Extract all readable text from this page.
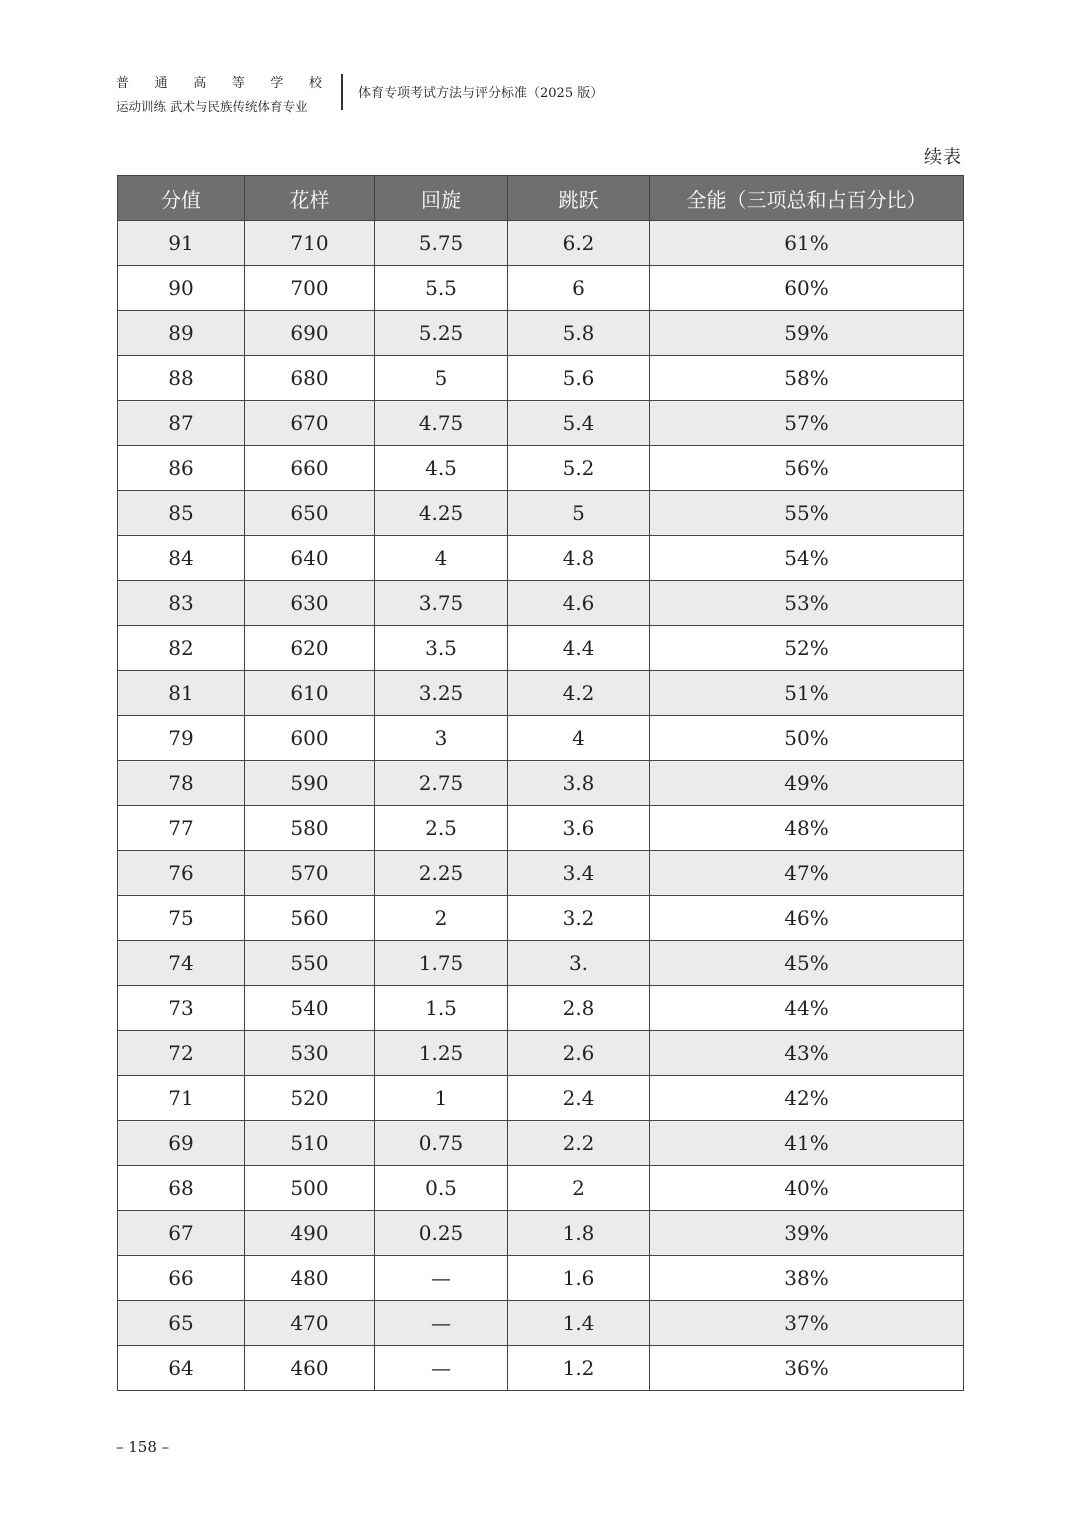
普 通 高 等 学 校
运动训练 武术与民族传统体育专业
体育专项考试方法与评分标准（2025 版）
续表
分值	花样	回旋	跳跃	全能（三项总和占百分比）
91	710	5.75	6.2	61%
90	700	5.5	6	60%
89	690	5.25	5.8	59%
88	680	5	5.6	58%
87	670	4.75	5.4	57%
86	660	4.5	5.2	56%
85	650	4.25	5	55%
84	640	4	4.8	54%
83	630	3.75	4.6	53%
82	620	3.5	4.4	52%
81	610	3.25	4.2	51%
79	600	3	4	50%
78	590	2.75	3.8	49%
77	580	2.5	3.6	48%
76	570	2.25	3.4	47%
75	560	2	3.2	46%
74	550	1.75	3.	45%
73	540	1.5	2.8	44%
72	530	1.25	2.6	43%
71	520	1	2.4	42%
69	510	0.75	2.2	41%
68	500	0.5	2	40%
67	490	0.25	1.8	39%
66	480	—	1.6	38%
65	470	—	1.4	37%
64	460	—	1.2	36%
– 158 –
